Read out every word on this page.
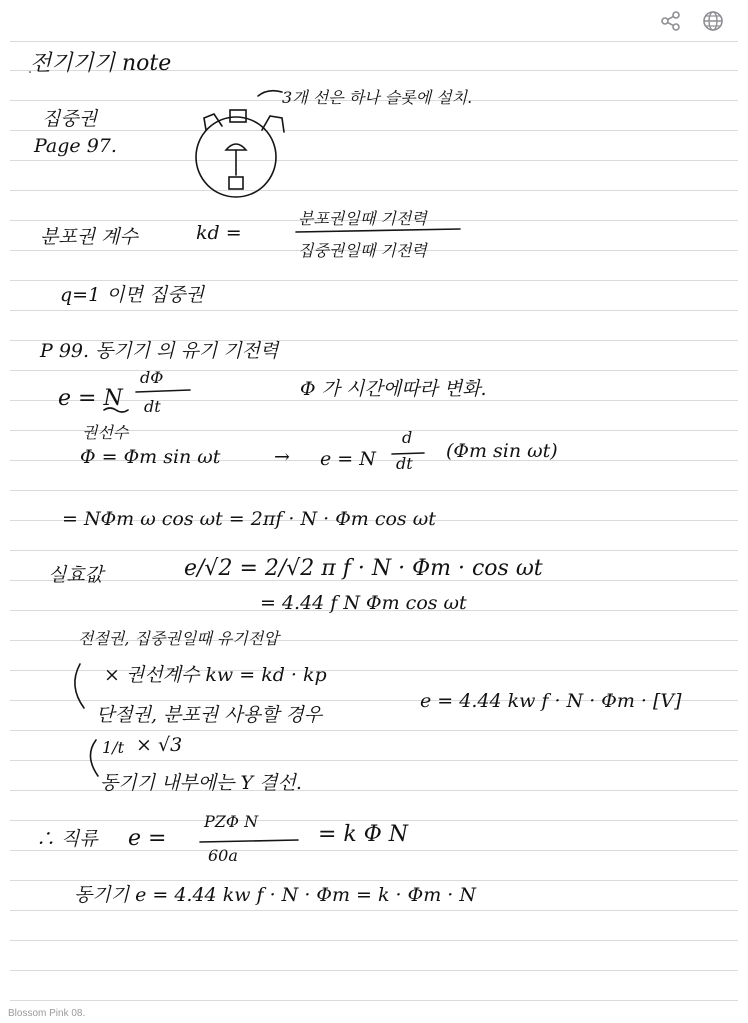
전기기기 note
집중권
Page 97.
3개 선은 하나 슬롯에 설치.
분포권 계수	kd =
분포권일때 기전력
집중권일때 기전력
q=1 이면 집중권
P 99. 동기기 의 유기 기전력
e = N
dΦ
dt
Φ 가 시간에따라 변화.
권선수
Φ = Φm sin ωt	→ e = N
d
dt
(Φm sin ωt)
= NΦm ω cos ωt = 2πf · N · Φm cos ωt
실효값	e/√2 = 2/√2 π f · N · Φm · cos ωt
= 4.44 f N Φm cos ωt
전절권, 집중권일때 유기전압
× 권선계수 kw = kd · kp
단절권, 분포권 사용할 경우
e = 4.44 kw f · N · Φm · [V]
1/t × √3
동기기 내부에는 Y 결선.
∴ 직류 e =
PZΦ N
60a
= k Φ N
동기기 e = 4.44 kw f · N · Φm = k · Φm · N
Blossom Pink 08.
